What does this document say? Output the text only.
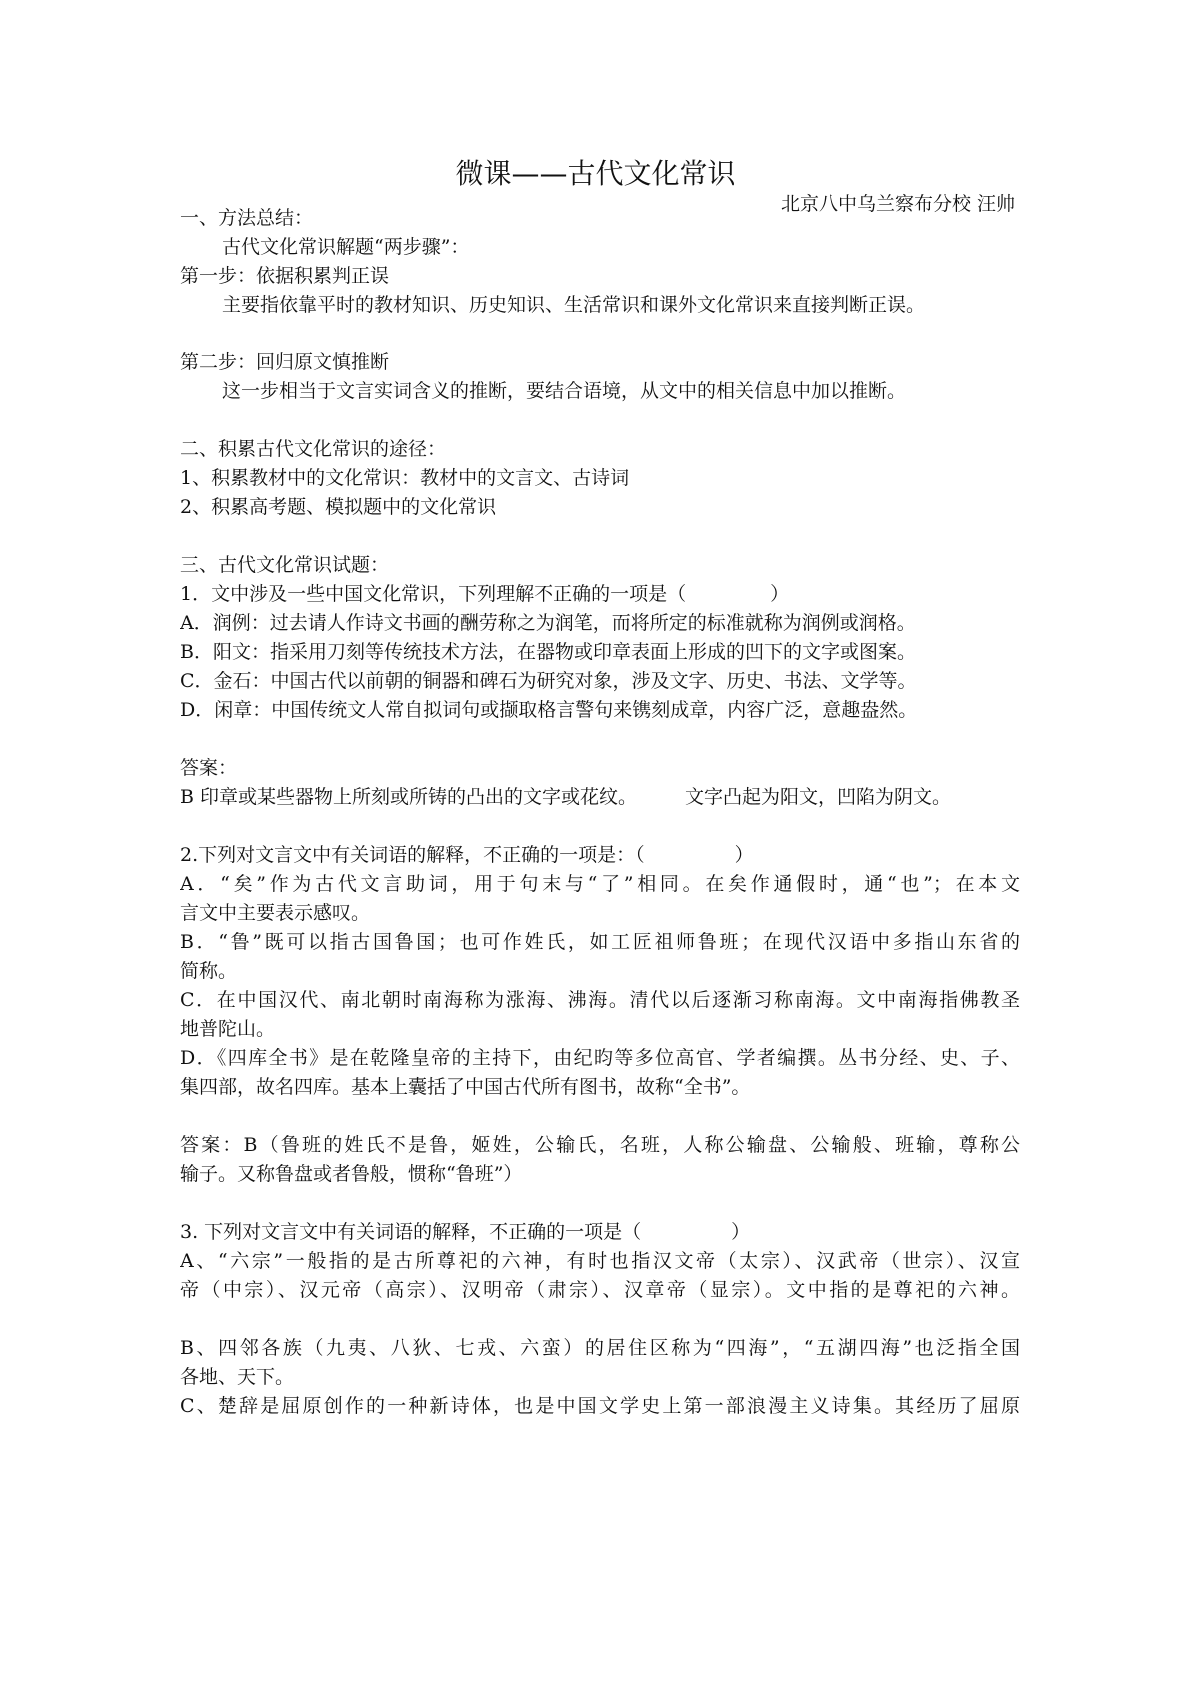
微课——古代文化常识
北京八中乌兰察布分校 汪帅
一、方法总结：
古代文化常识解题“两步骤”：
第一步：依据积累判正误
主要指依靠平时的教材知识、历史知识、生活常识和课外文化常识来直接判断正误。
第二步：回归原文慎推断
这一步相当于文言实词含义的推断，要结合语境，从文中的相关信息中加以推断。
二、积累古代文化常识的途径：
1、积累教材中的文化常识：教材中的文言文、古诗词
2、积累高考题、模拟题中的文化常识
三、古代文化常识试题：
1．文中涉及一些中国文化常识，下列理解不正确的一项是（	）
A．润例：过去请人作诗文书画的酬劳称之为润笔，而将所定的标准就称为润例或润格。
B．阳文：指采用刀刻等传统技术方法，在器物或印章表面上形成的凹下的文字或图案。
C．金石：中国古代以前朝的铜器和碑石为研究对象，涉及文字、历史、书法、文学等。
D．闲章：中国传统文人常自拟词句或撷取格言警句来镌刻成章，内容广泛，意趣盎然。
答案：
B 印章或某些器物上所刻或所铸的凸出的文字或花纹。	文字凸起为阳文，凹陷为阴文。
2.下列对文言文中有关词语的解释，不正确的一项是：（	）
A．“矣”作为古代文言助词，用于句末与“了”相同。在矣作通假时，通“也”；在本文
言文中主要表示感叹。
B．“鲁”既可以指古国鲁国；也可作姓氏，如工匠祖师鲁班；在现代汉语中多指山东省的
简称。
C．在中国汉代、南北朝时南海称为涨海、沸海。清代以后逐渐习称南海。文中南海指佛教圣
地普陀山。
D．《四库全书》是在乾隆皇帝的主持下，由纪昀等多位高官、学者编撰。丛书分经、史、子、
集四部，故名四库。基本上囊括了中国古代所有图书，故称“全书”。
答案：B（鲁班的姓氏不是鲁，姬姓，公输氏，名班，人称公输盘、公输般、班输，尊称公
输子。又称鲁盘或者鲁般，惯称“鲁班”）
3. 下列对文言文中有关词语的解释，不正确的一项是（	）
A、“六宗”一般指的是古所尊祀的六神，有时也指汉文帝（太宗）、汉武帝（世宗）、汉宣
帝（中宗）、汉元帝（高宗）、汉明帝（肃宗）、汉章帝（显宗）。文中指的是尊祀的六神。
B、四邻各族（九夷、八狄、七戎、六蛮）的居住区称为“四海”，“五湖四海”也泛指全国
各地、天下。
C、楚辞是屈原创作的一种新诗体，也是中国文学史上第一部浪漫主义诗集。其经历了屈原
